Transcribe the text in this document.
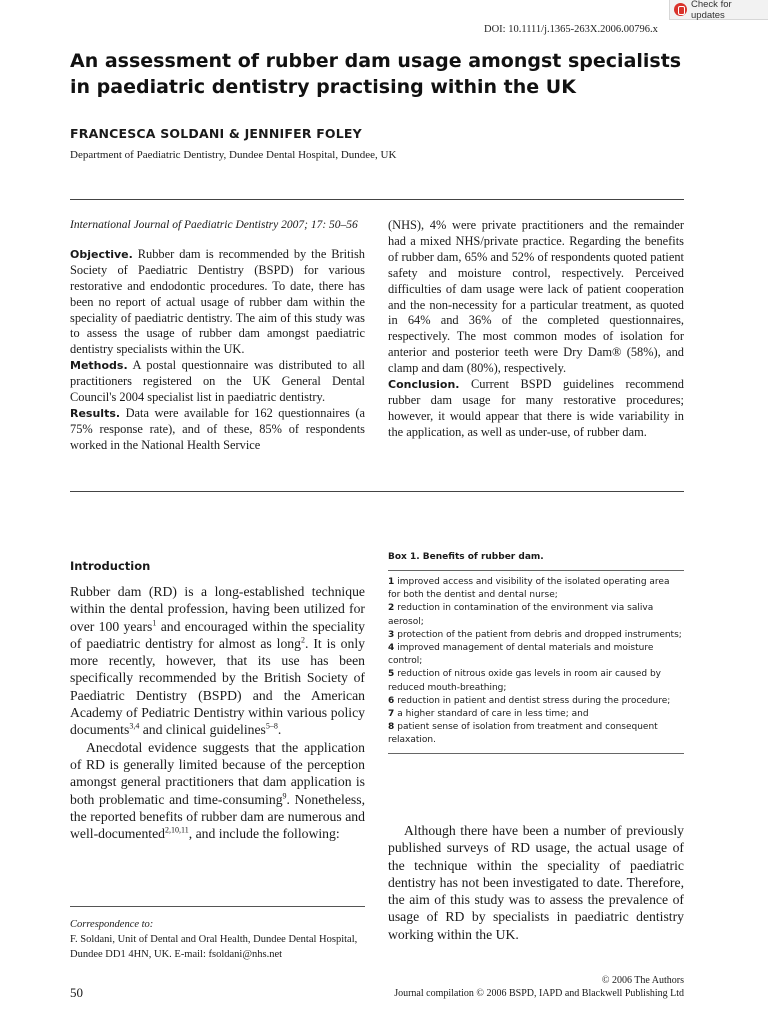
DOI: 10.1111/j.1365-263X.2006.00796.x
Check for updates
An assessment of rubber dam usage amongst specialists in paediatric dentistry practising within the UK
FRANCESCA SOLDANI & JENNIFER FOLEY
Department of Paediatric Dentistry, Dundee Dental Hospital, Dundee, UK
International Journal of Paediatric Dentistry 2007; 17: 50–56

Objective. Rubber dam is recommended by the British Society of Paediatric Dentistry (BSPD) for various restorative and endodontic procedures. To date, there has been no report of actual usage of rubber dam within the speciality of paediatric dentistry. The aim of this study was to assess the usage of rubber dam amongst paediatric dentistry specialists within the UK.

Methods. A postal questionnaire was distributed to all practitioners registered on the UK General Dental Council's 2004 specialist list in paediatric dentistry.

Results. Data were available for 162 questionnaires (a 75% response rate), and of these, 85% of respondents worked in the National Health Service

(NHS), 4% were private practitioners and the remainder had a mixed NHS/private practice. Regarding the benefits of rubber dam, 65% and 52% of respondents quoted patient safety and moisture control, respectively. Perceived difficulties of dam usage were lack of patient cooperation and the non-necessity for a particular treatment, as quoted in 64% and 36% of the completed questionnaires, respectively. The most common modes of isolation for anterior and posterior teeth were Dry Dam® (58%), and clamp and dam (80%), respectively.

Conclusion. Current BSPD guidelines recommend rubber dam usage for many restorative procedures; however, it would appear that there is wide variability in the application, as well as under-use, of rubber dam.

Introduction

Rubber dam (RD) is a long-established technique within the dental profession, having been utilized for over 100 years$^1$ and encouraged within the speciality of paediatric dentistry for almost as long$^2$. It is only more recently, however, that its use has been specifically recommended by the British Society of Paediatric Dentistry (BSPD) and the American Academy of Pediatric Dentistry within various policy documents$^{3,4}$ and clinical guidelines$^{5-8}$.

Anecdotal evidence suggests that the application of RD is generally limited because of the perception amongst general practitioners that dam application is both problematic and time-consuming$^9$. Nonetheless, the reported benefits of rubber dam are numerous and well-documented$^{2,10,11}$, and include the following:

Box 1. Benefits of rubber dam.
1 improved access and visibility of the isolated operating area for both the dentist and dental nurse;
2 reduction in contamination of the environment via saliva aerosol;
3 protection of the patient from debris and dropped instruments;
4 improved management of dental materials and moisture control;
5 reduction of nitrous oxide gas levels in room air caused by reduced mouth-breathing;
6 reduction in patient and dentist stress during the procedure;
7 a higher standard of care in less time; and
8 patient sense of isolation from treatment and consequent relaxation.

Although there have been a number of previously published surveys of RD usage, the actual usage of the technique within the speciality of paediatric dentistry has not been investigated to date. Therefore, the aim of this study was to assess the prevalence of usage of RD by specialists in paediatric dentistry working within the UK.

Correspondence to:
F. Soldani, Unit of Dental and Oral Health, Dundee Dental Hospital, Dundee DD1 4HN, UK. E-mail: fsoldani@nhs.net
50
© 2006 The Authors
Journal compilation © 2006 BSPD, IAPD and Blackwell Publishing Ltd
